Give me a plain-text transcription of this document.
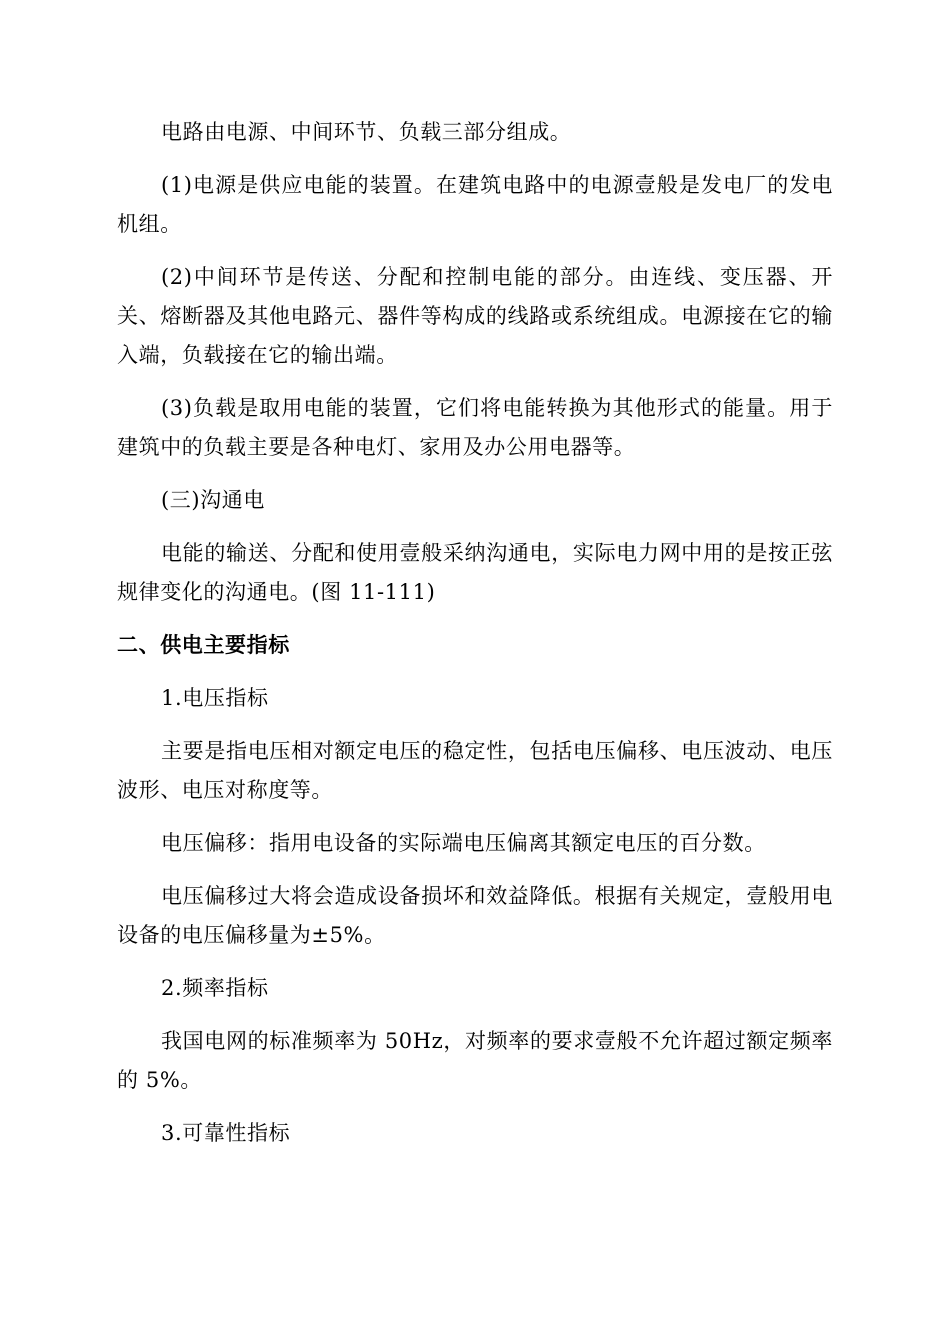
电路由电源、中间环节、负载三部分组成。

(1)电源是供应电能的装置。在建筑电路中的电源壹般是发电厂的发电机组。

(2)中间环节是传送、分配和控制电能的部分。由连线、变压器、开关、熔断器及其他电路元、器件等构成的线路或系统组成。电源接在它的输入端，负载接在它的输出端。

(3)负载是取用电能的装置，它们将电能转换为其他形式的能量。用于建筑中的负载主要是各种电灯、家用及办公用电器等。

(三)沟通电

电能的输送、分配和使用壹般采纳沟通电，实际电力网中用的是按正弦规律变化的沟通电。(图 11-111)

二、供电主要指标

1.电压指标

主要是指电压相对额定电压的稳定性，包括电压偏移、电压波动、电压波形、电压对称度等。

电压偏移：指用电设备的实际端电压偏离其额定电压的百分数。

电压偏移过大将会造成设备损坏和效益降低。根据有关规定，壹般用电设备的电压偏移量为±5%。

2.频率指标

我国电网的标准频率为 50Hz，对频率的要求壹般不允许超过额定频率的 5%。

3.可靠性指标
